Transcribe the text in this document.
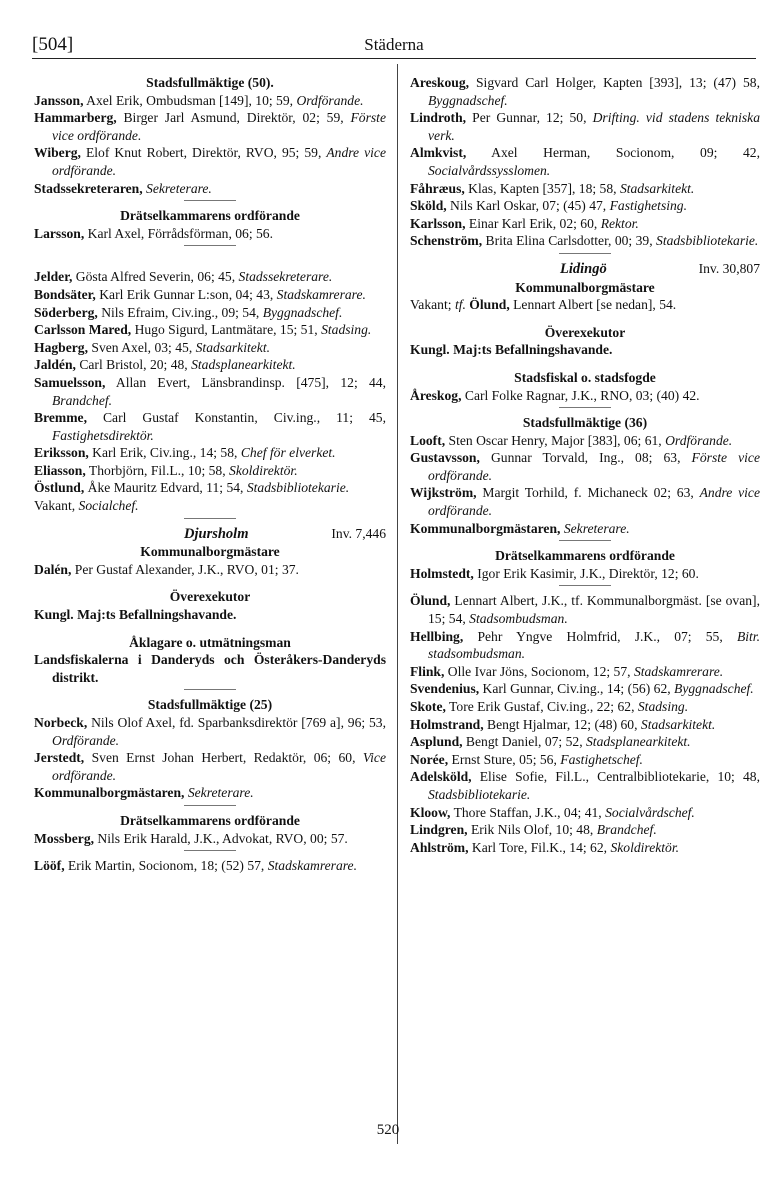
[504]	Städerna
Stadsfullmäktige (50).
Jansson, Axel Erik, Ombudsman [149], 10; 59, Ordförande.
Hammarberg, Birger Jarl Asmund, Direktör, 02; 59, Förste vice ordförande.
Wiberg, Elof Knut Robert, Direktör, RVO, 95; 59, Andre vice ordförande.
Stadssekreteraren, Sekreterare.
Drätselkammarens ordförande
Larsson, Karl Axel, Förrådsförman, 06; 56.
Jelder, Gösta Alfred Severin, 06; 45, Stadssekreterare.
Bondsäter, Karl Erik Gunnar L:son, 04; 43, Stadskamrerare.
Söderberg, Nils Efraim, Civ.ing., 09; 54, Byggnadschef.
Carlsson Mared, Hugo Sigurd, Lantmätare, 15; 51, Stadsing.
Hagberg, Sven Axel, 03; 45, Stadsarkitekt.
Jaldén, Carl Bristol, 20; 48, Stadsplanearkitekt.
Samuelsson, Allan Evert, Länsbrandinsp. [475], 12; 44, Brandchef.
Bremme, Carl Gustaf Konstantin, Civ.ing., 11; 45, Fastighetsdirektör.
Eriksson, Karl Erik, Civ.ing., 14; 58, Chef för elverket.
Eliasson, Thorbjörn, Fil.L., 10; 58, Skoldirektör.
Östlund, Åke Mauritz Edvard, 11; 54, Stadsbibliotekarie.
Vakant, Socialchef.
Djursholm	Inv. 7,446
Kommunalborgmästare
Dalén, Per Gustaf Alexander, J.K., RVO, 01; 37.
Överexekutor
Kungl. Maj:ts Befallningshavande.
Åklagare o. utmätningsman
Landsfiskalerna i Danderyds och Österåkers-Danderyds distrikt.
Stadsfullmäktige (25)
Norbeck, Nils Olof Axel, fd. Sparbanksdirektör [769 a], 96; 53, Ordförande.
Jerstedt, Sven Ernst Johan Herbert, Redaktör, 06; 60, Vice ordförande.
Kommunalborgmästaren, Sekreterare.
Drätselkammarens ordförande
Mossberg, Nils Erik Harald, J.K., Advokat, RVO, 00; 57.
Lööf, Erik Martin, Socionom, 18; (52) 57, Stadskamrerare.
Areskoug, Sigvard Carl Holger, Kapten [393], 13; (47) 58, Byggnadschef.
Lindroth, Per Gunnar, 12; 50, Drifting. vid stadens tekniska verk.
Almkvist, Axel Herman, Socionom, 09; 42, Socialvårdssysslomen.
Fåhræus, Klas, Kapten [357], 18; 58, Stadsarkitekt.
Sköld, Nils Karl Oskar, 07; (45) 47, Fastighetsing.
Karlsson, Einar Karl Erik, 02; 60, Rektor.
Schenström, Brita Elina Carlsdotter, 00; 39, Stadsbibliotekarie.
Lidingö	Inv. 30,807
Kommunalborgmästare
Vakant; tf. Ölund, Lennart Albert [se nedan], 54.
Överexekutor
Kungl. Maj:ts Befallningshavande.
Stadsfiskal o. stadsfogde
Åreskog, Carl Folke Ragnar, J.K., RNO, 03; (40) 42.
Stadsfullmäktige (36)
Looft, Sten Oscar Henry, Major [383], 06; 61, Ordförande.
Gustavsson, Gunnar Torvald, Ing., 08; 63, Förste vice ordförande.
Wijkström, Margit Torhild, f. Michaneck 02; 63, Andre vice ordförande.
Kommunalborgmästaren, Sekreterare.
Drätselkammarens ordförande
Holmstedt, Igor Erik Kasimir, J.K., Direktör, 12; 60.
Ölund, Lennart Albert, J.K., tf. Kommunalborgmäst. [se ovan], 15; 54, Stadsombudsman.
Hellbing, Pehr Yngve Holmfrid, J.K., 07; 55, Bitr. stadsombudsman.
Flink, Olle Ivar Jöns, Socionom, 12; 57, Stadskamrerare.
Svendenius, Karl Gunnar, Civ.ing., 14; (56) 62, Byggnadschef.
Skote, Tore Erik Gustaf, Civ.ing., 22; 62, Stadsing.
Holmstrand, Bengt Hjalmar, 12; (48) 60, Stadsarkitekt.
Asplund, Bengt Daniel, 07; 52, Stadsplanearkitekt.
Norée, Ernst Sture, 05; 56, Fastighetschef.
Adelsköld, Elise Sofie, Fil.L., Centralbibliotekarie, 10; 48, Stadsbibliotekarie.
Kloow, Thore Staffan, J.K., 04; 41, Socialvårdschef.
Lindgren, Erik Nils Olof, 10; 48, Brandchef.
Ahlström, Karl Tore, Fil.K., 14; 62, Skoldirektör.
520
